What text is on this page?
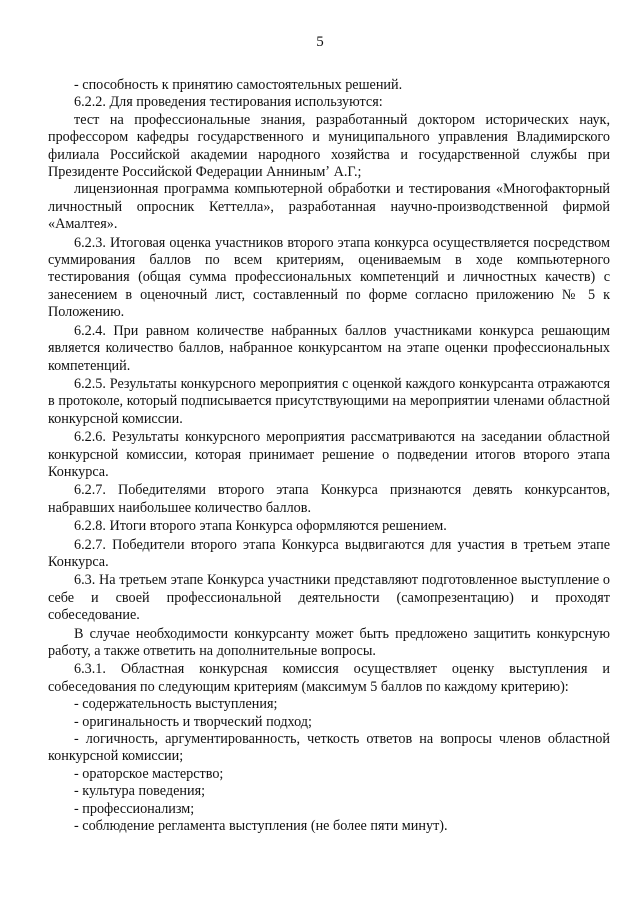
5

- способность к принятию самостоятельных решений.

6.2.2. Для проведения тестирования используются:

тест на профессиональные знания, разработанный доктором исторических наук, профессором кафедры государственного и муниципального управления Владимирского филиала Российской академии народного хозяйства и государственной службы при Президенте Российской Федерации Аннинымʼ А.Г.;

лицензионная программа компьютерной обработки и тестирования «Многофакторный личностный опросник Кеттелла», разработанная научно-производственной фирмой «Амалтея».

6.2.3. Итоговая оценка участников второго этапа конкурса осуществляется посредством суммирования баллов по всем критериям, оцениваемым в ходе компьютерного тестирования (общая сумма профессиональных компетенций и личностных качеств) с занесением в оценочный лист, составленный по форме согласно приложению № 5 к Положению.

6.2.4. При равном количестве набранных баллов участниками конкурса решающим является количество баллов, набранное конкурсантом на этапе оценки профессиональных компетенций.

6.2.5. Результаты конкурсного мероприятия с оценкой каждого конкурсанта отражаются в протоколе, который подписывается присутствующими на мероприятии членами областной конкурсной комиссии.

6.2.6. Результаты конкурсного мероприятия рассматриваются на заседании областной конкурсной комиссии, которая принимает решение о подведении итогов второго этапа Конкурса.

6.2.7. Победителями второго этапа Конкурса признаются девять конкурсантов, набравших наибольшее количество баллов.

6.2.8. Итоги второго этапа Конкурса оформляются решением.

6.2.7. Победители второго этапа Конкурса выдвигаются для участия в третьем этапе Конкурса.

6.3. На третьем этапе Конкурса участники представляют подготовленное выступление о себе и своей профессиональной деятельности (самопрезентацию) и проходят собеседование.

В случае необходимости конкурсанту может быть предложено защитить конкурсную работу, а также ответить на дополнительные вопросы.

6.3.1. Областная конкурсная комиссия осуществляет оценку выступления и собеседования по следующим критериям (максимум 5 баллов по каждому критерию):

- содержательность выступления;

- оригинальность и творческий подход;

- логичность, аргументированность, четкость ответов на вопросы членов областной конкурсной комиссии;

- ораторское мастерство;

- культура поведения;

- профессионализм;

- соблюдение регламента выступления (не более пяти минут).
